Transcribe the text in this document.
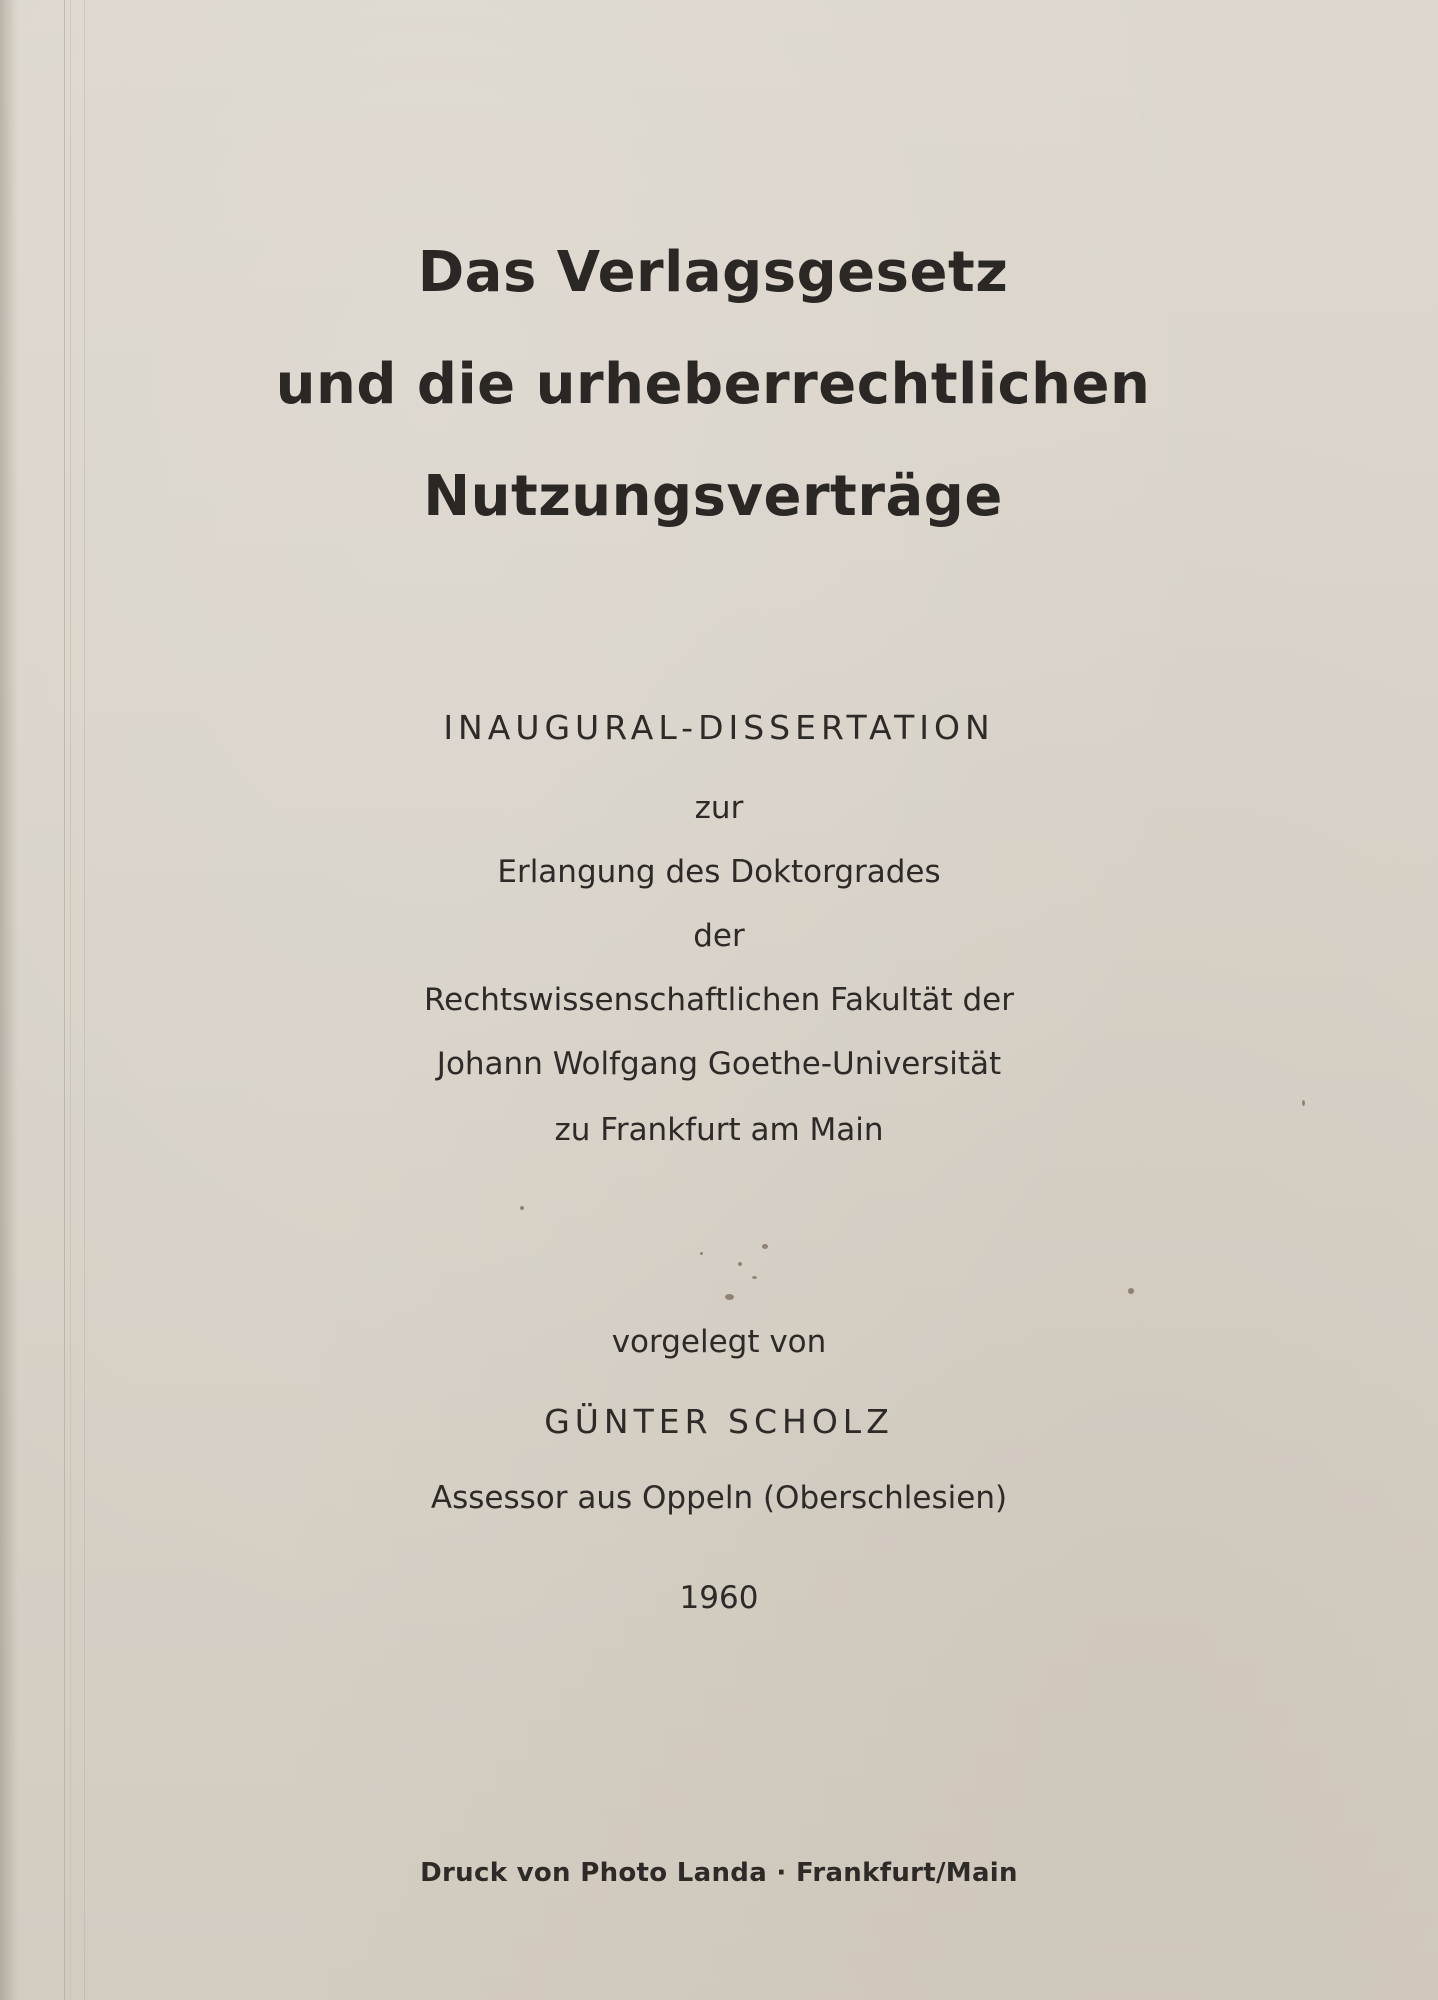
Das Verlagsgesetz
und die urheberrechtlichen
Nutzungsverträge
INAUGURAL-DISSERTATION
zur
Erlangung des Doktorgrades
der
Rechtswissenschaftlichen Fakultät der
Johann Wolfgang Goethe-Universität
zu Frankfurt am Main
vorgelegt von
GÜNTER SCHOLZ
Assessor aus Oppeln (Oberschlesien)
1960
Druck von Photo Landa · Frankfurt/Main
